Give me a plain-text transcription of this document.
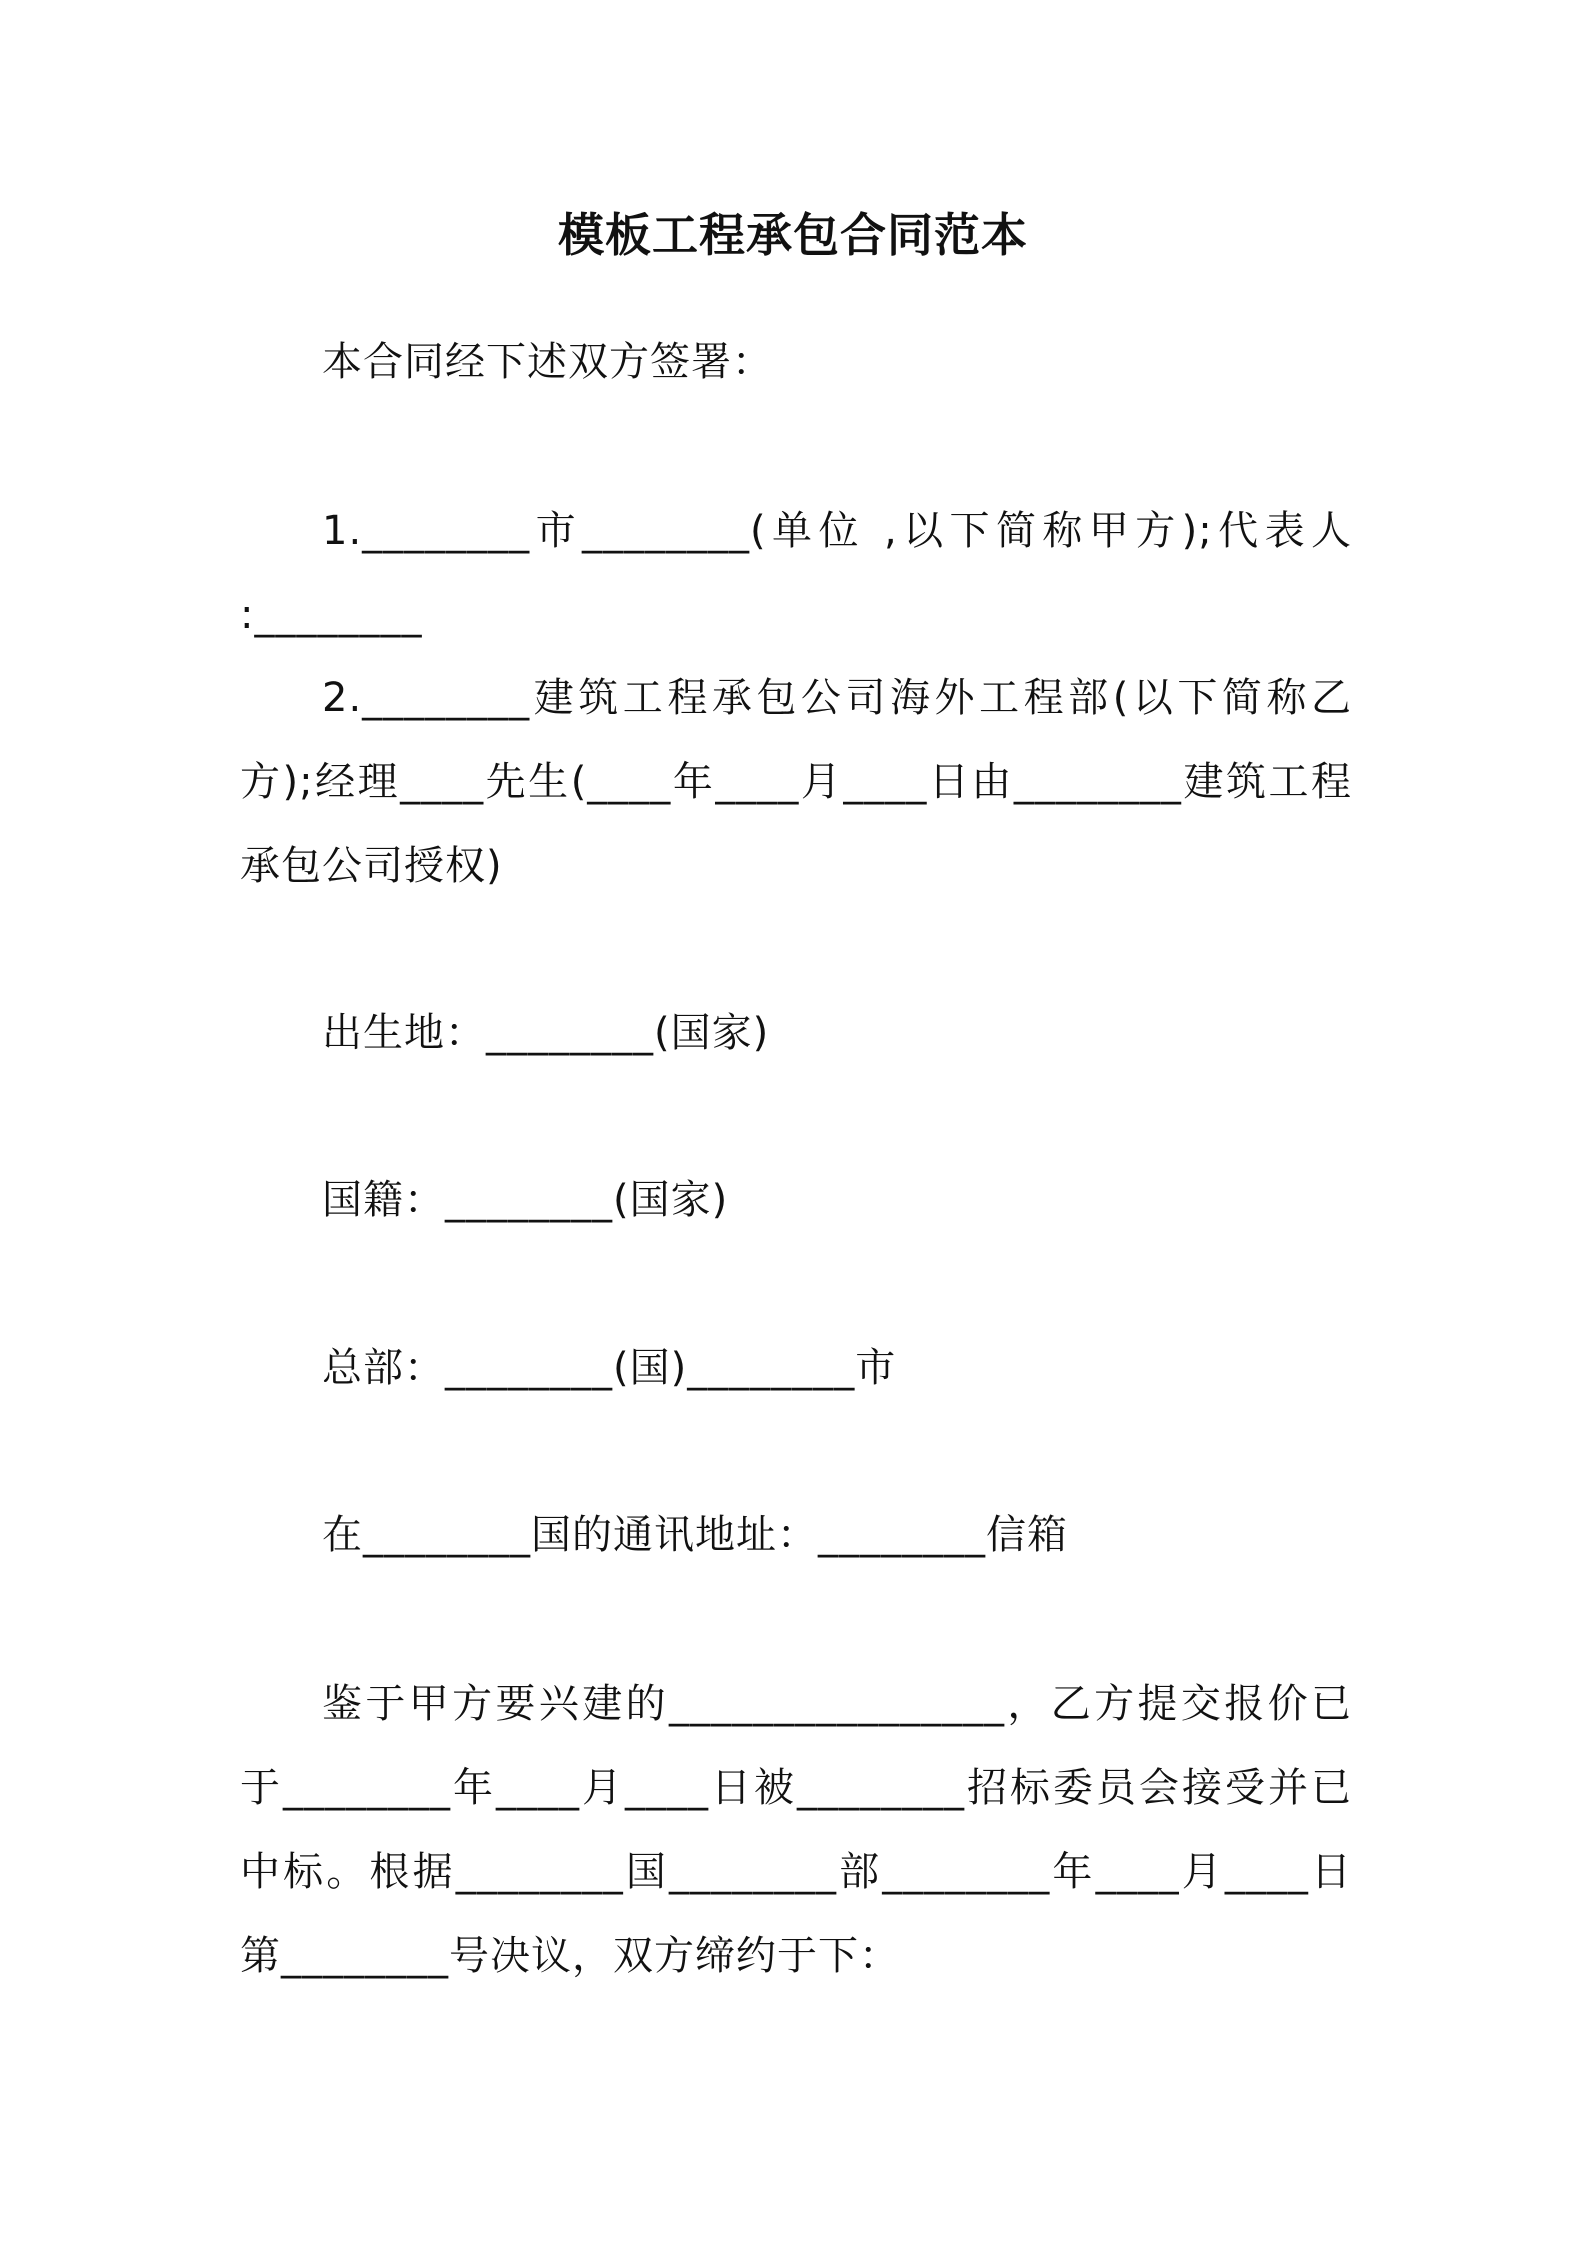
模板工程承包合同范本
本合同经下述双方签署：
1.________市________(单位 ,以下简称甲方);代表人 :________
2.________建筑工程承包公司海外工程部(以下简称乙方);经理____先生(____年____月____日由________建筑工程承包公司授权)
出生地：________(国家)
国籍：________(国家)
总部：________(国)________市
在________国的通讯地址：________信箱
鉴于甲方要兴建的________________，乙方提交报价已于________年____月____日被________招标委员会接受并已中标。根据________国________部________年____月____日第________号决议，双方缔约于下：
